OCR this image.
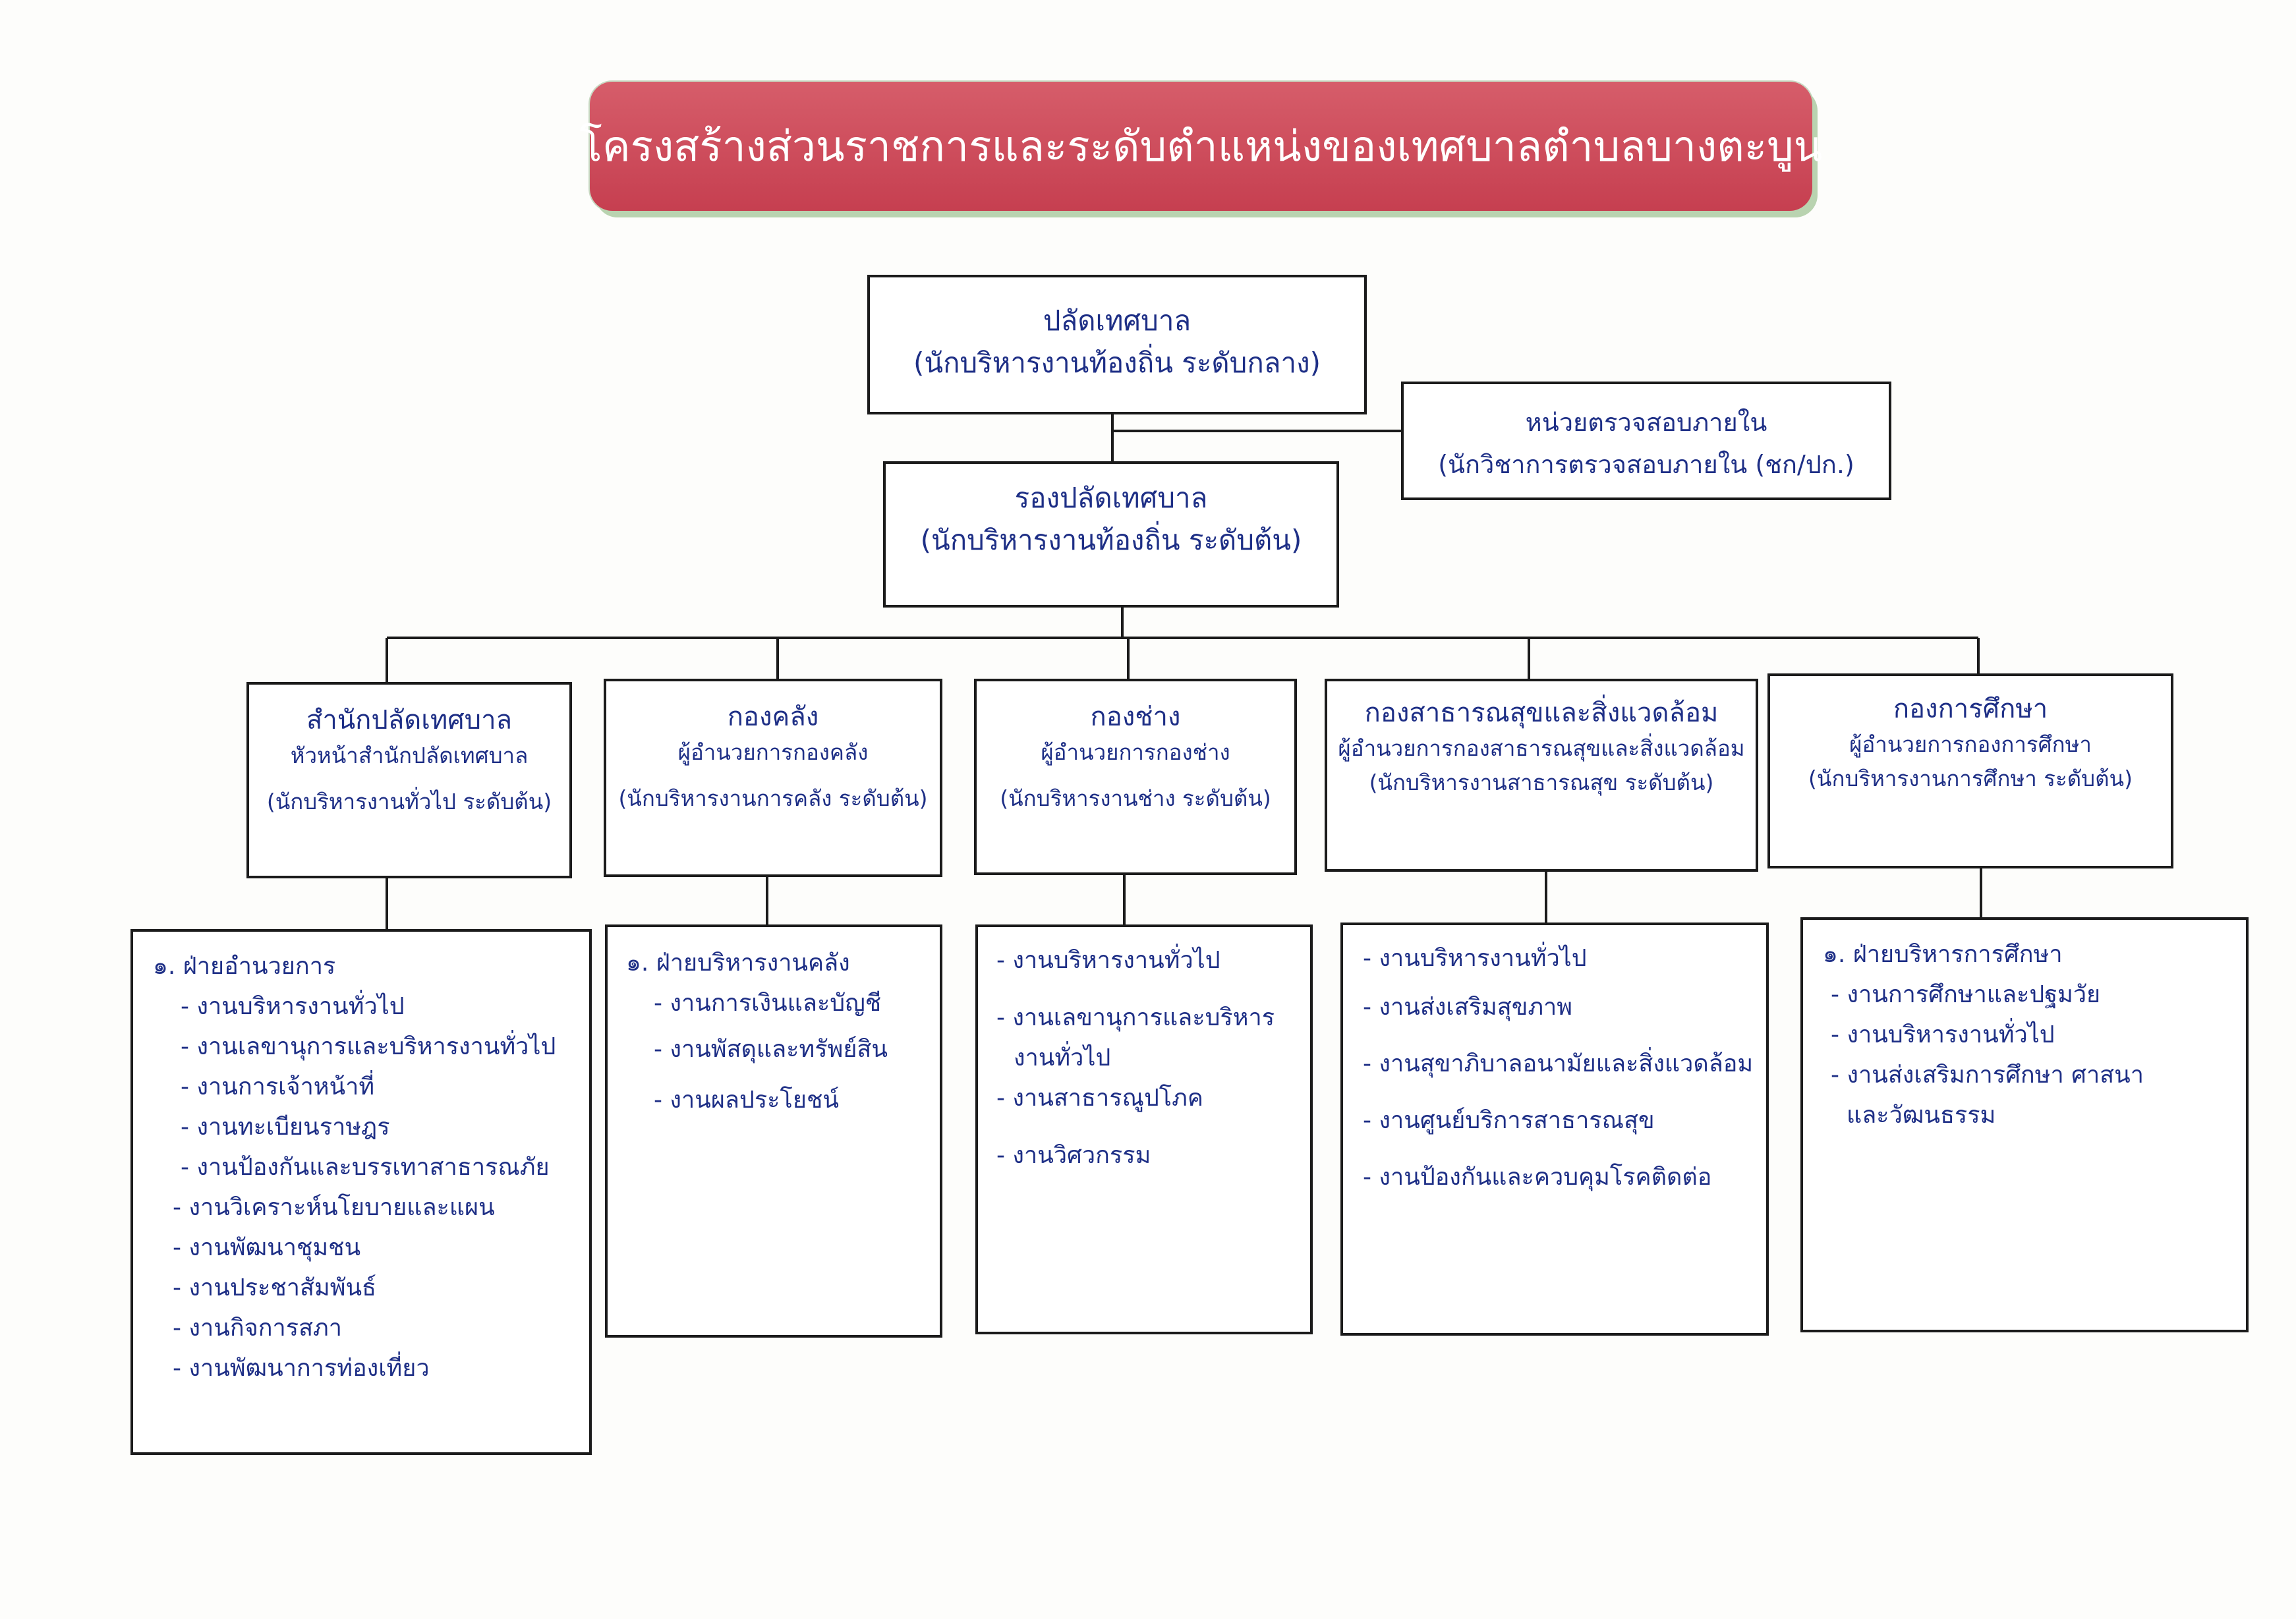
โครงสร้างส่วนราชการและระดับตำแหน่งของเทศบาลตำบลบางตะบูน
ปลัดเทศบาล
(นักบริหารงานท้องถิ่น ระดับกลาง)
หน่วยตรวจสอบภายใน
(นักวิชาการตรวจสอบภายใน (ชก/ปก.)
รองปลัดเทศบาล
(นักบริหารงานท้องถิ่น ระดับต้น)
สำนักปลัดเทศบาล
หัวหน้าสำนักปลัดเทศบาล
(นักบริหารงานทั่วไป ระดับต้น)
กองคลัง
ผู้อำนวยการกองคลัง
(นักบริหารงานการคลัง ระดับต้น)
กองช่าง
ผู้อำนวยการกองช่าง
(นักบริหารงานช่าง ระดับต้น)
กองสาธารณสุขและสิ่งแวดล้อม
ผู้อำนวยการกองสาธารณสุขและสิ่งแวดล้อม
(นักบริหารงานสาธารณสุข ระดับต้น)
กองการศึกษา
ผู้อำนวยการกองการศึกษา
(นักบริหารงานการศึกษา ระดับต้น)
๑. ฝ่ายอำนวยการ
- งานบริหารงานทั่วไป
- งานเลขานุการและบริหารงานทั่วไป
- งานการเจ้าหน้าที่
- งานทะเบียนราษฎร
- งานป้องกันและบรรเทาสาธารณภัย
- งานวิเคราะห์นโยบายและแผน
- งานพัฒนาชุมชน
- งานประชาสัมพันธ์
- งานกิจการสภา
- งานพัฒนาการท่องเที่ยว
๑. ฝ่ายบริหารงานคลัง
- งานการเงินและบัญชี
- งานพัสดุและทรัพย์สิน
- งานผลประโยชน์
- งานบริหารงานทั่วไป
- งานเลขานุการและบริหาร
งานทั่วไป
- งานสาธารณูปโภค
- งานวิศวกรรม
- งานบริหารงานทั่วไป
- งานส่งเสริมสุขภาพ
- งานสุขาภิบาลอนามัยและสิ่งแวดล้อม
- งานศูนย์บริการสาธารณสุข
- งานป้องกันและควบคุมโรคติดต่อ
๑. ฝ่ายบริหารการศึกษา
- งานการศึกษาและปฐมวัย
- งานบริหารงานทั่วไป
- งานส่งเสริมการศึกษา ศาสนา
และวัฒนธรรม
